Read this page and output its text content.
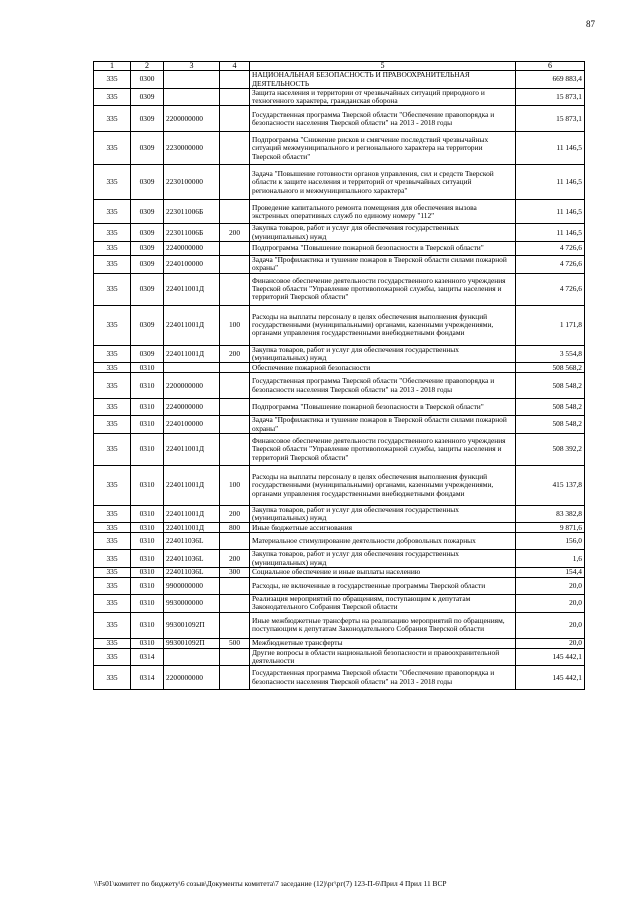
87
1	2	3	4	5	6
335	0300			НАЦИОНАЛЬНАЯ БЕЗОПАСНОСТЬ И ПРАВООХРАНИТЕЛЬНАЯ ДЕЯТЕЛЬНОСТЬ	669 883,4
335	0309			Защита населения и территории от чрезвычайных ситуаций природного и техногенного характера, гражданская оборона	15 873,1
335	0309	2200000000		Государственная программа Тверской области "Обеспечение правопорядка и безопасности населения Тверской области" на 2013 - 2018 годы	15 873,1
335	0309	2230000000		Подпрограмма "Снижение рисков и смягчение последствий чрезвычайных ситуаций межмуниципального и регионального характера на территории Тверской области"	11 146,5
335	0309	2230100000		Задача "Повышение готовности органов управления, сил и средств Тверской области к защите населения и территорий от чрезвычайных ситуаций регионального и межмуниципального характера"	11 146,5
335	0309	223011006Б		Проведение капитального ремонта помещения для обеспечения вызова экстренных оперативных служб по единому номеру "112"	11 146,5
335	0309	223011006Б	200	Закупка товаров, работ и услуг для обеспечения государственных (муниципальных) нужд	11 146,5
335	0309	2240000000		Подпрограмма "Повышение пожарной безопасности в Тверской области"	4 726,6
335	0309	2240100000		Задача "Профилактика и тушение пожаров в Тверской области силами пожарной охраны"	4 726,6
335	0309	224011001Д		Финансовое обеспечение деятельности государственного казенного учреждения Тверской области "Управление противопожарной службы, защиты населения и территорий Тверской области"	4 726,6
335	0309	224011001Д	100	Расходы на выплаты персоналу в целях обеспечения выполнения функций государственными (муниципальными) органами, казенными учреждениями, органами управления государственными внебюджетными фондами	1 171,8
335	0309	224011001Д	200	Закупка товаров, работ и услуг для обеспечения государственных (муниципальных) нужд	3 554,8
335	0310			Обеспечение пожарной безопасности	508 568,2
335	0310	2200000000		Государственная программа Тверской области "Обеспечение правопорядка и безопасности населения Тверской области" на 2013 - 2018 годы	508 548,2
335	0310	2240000000		Подпрограмма "Повышение пожарной безопасности в Тверской области"	508 548,2
335	0310	2240100000		Задача "Профилактика и тушение пожаров в Тверской области силами пожарной охраны"	508 548,2
335	0310	224011001Д		Финансовое обеспечение деятельности государственного казенного учреждения Тверской области "Управление противопожарной службы, защиты населения и территорий Тверской области"	508 392,2
335	0310	224011001Д	100	Расходы на выплаты персоналу в целях обеспечения выполнения функций государственными (муниципальными) органами, казенными учреждениями, органами управления государственными внебюджетными фондами	415 137,8
335	0310	224011001Д	200	Закупка товаров, работ и услуг для обеспечения государственных (муниципальных) нужд	83 382,8
335	0310	224011001Д	800	Иные бюджетные ассигнования	9 871,6
335	0310	224011036L		Материальное стимулирование деятельности добровольных пожарных	156,0
335	0310	224011036L	200	Закупка товаров, работ и услуг для обеспечения государственных (муниципальных) нужд	1,6
335	0310	224011036L	300	Социальное обеспечение и иные выплаты населению	154,4
335	0310	9900000000		Расходы, не включенные в государственные программы Тверской области	20,0
335	0310	9930000000		Реализация мероприятий по обращениям, поступающим к депутатам Законодательного Собрания Тверской области	20,0
335	0310	993001092П		Иные межбюджетные трансферты на реализацию мероприятий по обращениям, поступающим к депутатам Законодательного Собрания Тверской области	20,0
335	0310	993001092П	500	Межбюджетные трансферты	20,0
335	0314			Другие вопросы в области национальной безопасности и правоохранительной деятельности	145 442,1
335	0314	2200000000		Государственная программа Тверской области "Обеспечение правопорядка и безопасности населения Тверской области" на 2013 - 2018 годы	145 442,1
\\Fs01\комитет по бюджету\6 созыв\Документы комитета\7 заседание (12)\рг\рг(7) 123-П-6\Прил 4 Прил 11 ВСР
